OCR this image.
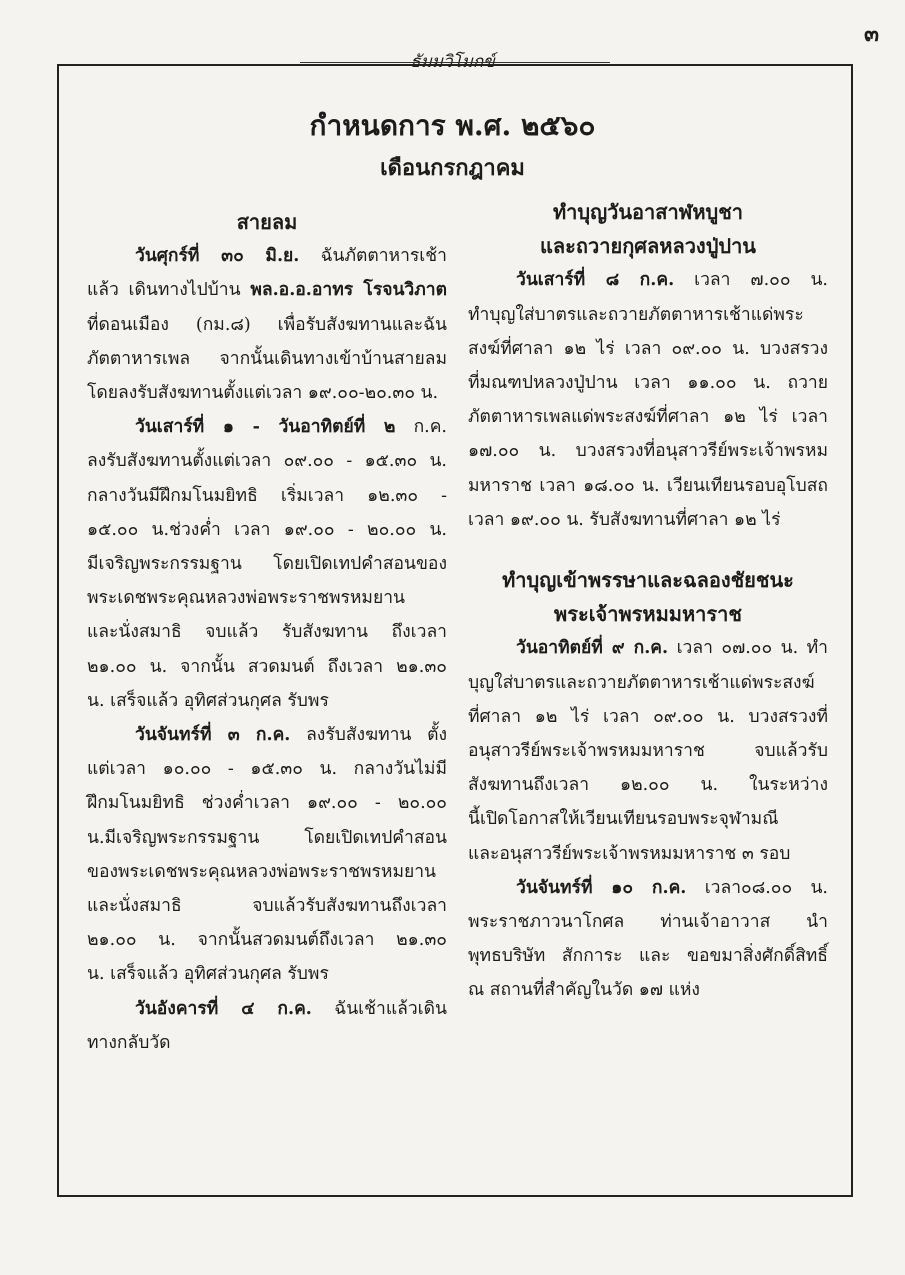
๓
ธัมมวิโมกข์
กำหนดการ พ.ศ. ๒๕๖๐
เดือนกรกฎาคม
สายลม
วันศุกร์ที่ ๓๐ มิ.ย. ฉันภัตตาหารเช้า
แล้ว เดินทางไปบ้าน พล.อ.อ.อาทร โรจนวิภาต
ที่ดอนเมือง (กม.๘) เพื่อรับสังฆทานและฉัน
ภัตตาหารเพล จากนั้นเดินทางเข้าบ้านสายลม
โดยลงรับสังฆทานตั้งแต่เวลา ๑๙.๐๐-๒๐.๓๐ น.
วันเสาร์ที่ ๑ - วันอาทิตย์ที่ ๒ ก.ค.
ลงรับสังฆทานตั้งแต่เวลา ๐๙.๐๐ - ๑๕.๓๐ น.
กลางวันมีฝึกมโนมยิทธิ เริ่มเวลา ๑๒.๓๐ -
๑๕.๐๐ น.ช่วงค่ำ เวลา ๑๙.๐๐ - ๒๐.๐๐ น.
มีเจริญพระกรรมฐาน โดยเปิดเทปคำสอนของ
พระเดชพระคุณหลวงพ่อพระราชพรหมยาน
และนั่งสมาธิ จบแล้ว รับสังฆทาน ถึงเวลา
๒๑.๐๐ น. จากนั้น สวดมนต์ ถึงเวลา ๒๑.๓๐
น. เสร็จแล้ว อุทิศส่วนกุศล รับพร
วันจันทร์ที่ ๓ ก.ค. ลงรับสังฆทาน ตั้ง
แต่เวลา ๑๐.๐๐ - ๑๕.๓๐ น. กลางวันไม่มี
ฝึกมโนมยิทธิ ช่วงค่ำเวลา ๑๙.๐๐ - ๒๐.๐๐
น.มีเจริญพระกรรมฐาน โดยเปิดเทปคำสอน
ของพระเดชพระคุณหลวงพ่อพระราชพรหมยาน
และนั่งสมาธิ จบแล้วรับสังฆทานถึงเวลา
๒๑.๐๐ น. จากนั้นสวดมนต์ถึงเวลา ๒๑.๓๐
น. เสร็จแล้ว อุทิศส่วนกุศล รับพร
วันอังคารที่ ๔ ก.ค. ฉันเช้าแล้วเดิน
ทางกลับวัด
ทำบุญวันอาสาฬหบูชา
และถวายกุศลหลวงปู่ปาน
วันเสาร์ที่ ๘ ก.ค. เวลา ๗.๐๐ น.
ทำบุญใส่บาตรและถวายภัตตาหารเช้าแด่พระ
สงฆ์ที่ศาลา ๑๒ ไร่ เวลา ๐๙.๐๐ น. บวงสรวง
ที่มณฑปหลวงปู่ปาน เวลา ๑๑.๐๐ น. ถวาย
ภัตตาหารเพลแด่พระสงฆ์ที่ศาลา ๑๒ ไร่ เวลา
๑๗.๐๐ น. บวงสรวงที่อนุสาวรีย์พระเจ้าพรหม
มหาราช เวลา ๑๘.๐๐ น. เวียนเทียนรอบอุโบสถ
เวลา ๑๙.๐๐ น. รับสังฆทานที่ศาลา ๑๒ ไร่
ทำบุญเข้าพรรษาและฉลองชัยชนะ
พระเจ้าพรหมมหาราช
วันอาทิตย์ที่ ๙ ก.ค. เวลา ๐๗.๐๐ น. ทำ
บุญใส่บาตรและถวายภัตตาหารเช้าแด่พระสงฆ์
ที่ศาลา ๑๒ ไร่ เวลา ๐๙.๐๐ น. บวงสรวงที่
อนุสาวรีย์พระเจ้าพรหมมหาราช จบแล้วรับ
สังฆทานถึงเวลา ๑๒.๐๐ น. ในระหว่าง
นี้เปิดโอกาสให้เวียนเทียนรอบพระจุฬามณี
และอนุสาวรีย์พระเจ้าพรหมมหาราช ๓ รอบ
วันจันทร์ที่ ๑๐ ก.ค. เวลา๐๘.๐๐ น.
พระราชภาวนาโกศล ท่านเจ้าอาวาส นำ
พุทธบริษัท สักการะ และ ขอขมาสิ่งศักดิ์สิทธิ์
ณ สถานที่สำคัญในวัด ๑๗ แห่ง
